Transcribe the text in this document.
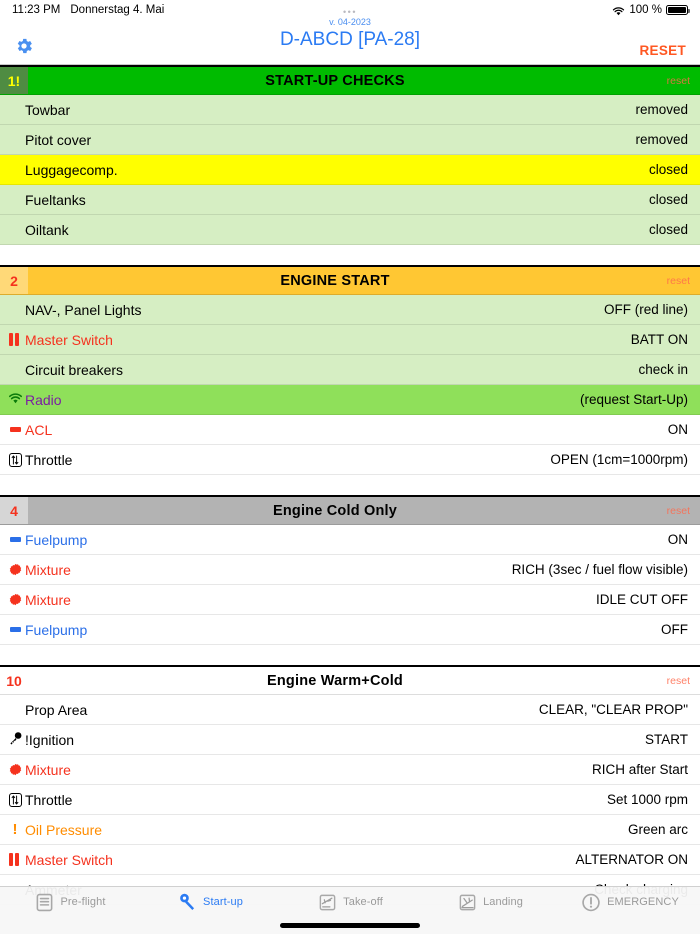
11:23 PM Donnerstag 4. Mai	100 %
•••
v. 04-2023
D-ABCD [PA-28]
RESET
1!	START-UP CHECKS	reset
Towbar	removed
Pitot cover	removed
Luggagecomp.	closed
Fueltanks	closed
Oiltank	closed
2	ENGINE START	reset
NAV-, Panel Lights	OFF (red line)
Master Switch	BATT ON
Circuit breakers	check in
Radio	(request Start-Up)
ACL	ON
Throttle	OPEN (1cm=1000rpm)
4	Engine Cold Only	reset
Fuelpump	ON
Mixture	RICH (3sec / fuel flow visible)
Mixture	IDLE CUT OFF
Fuelpump	OFF
10	Engine Warm+Cold	reset
Prop Area	CLEAR, "CLEAR PROP"
!Ignition	START
Mixture	RICH after Start
Throttle	Set 1000 rpm
! Oil Pressure	Green arc
Master Switch	ALTERNATOR ON
Pre-flight	Start-up	Take-off	Landing	EMERGENCY
